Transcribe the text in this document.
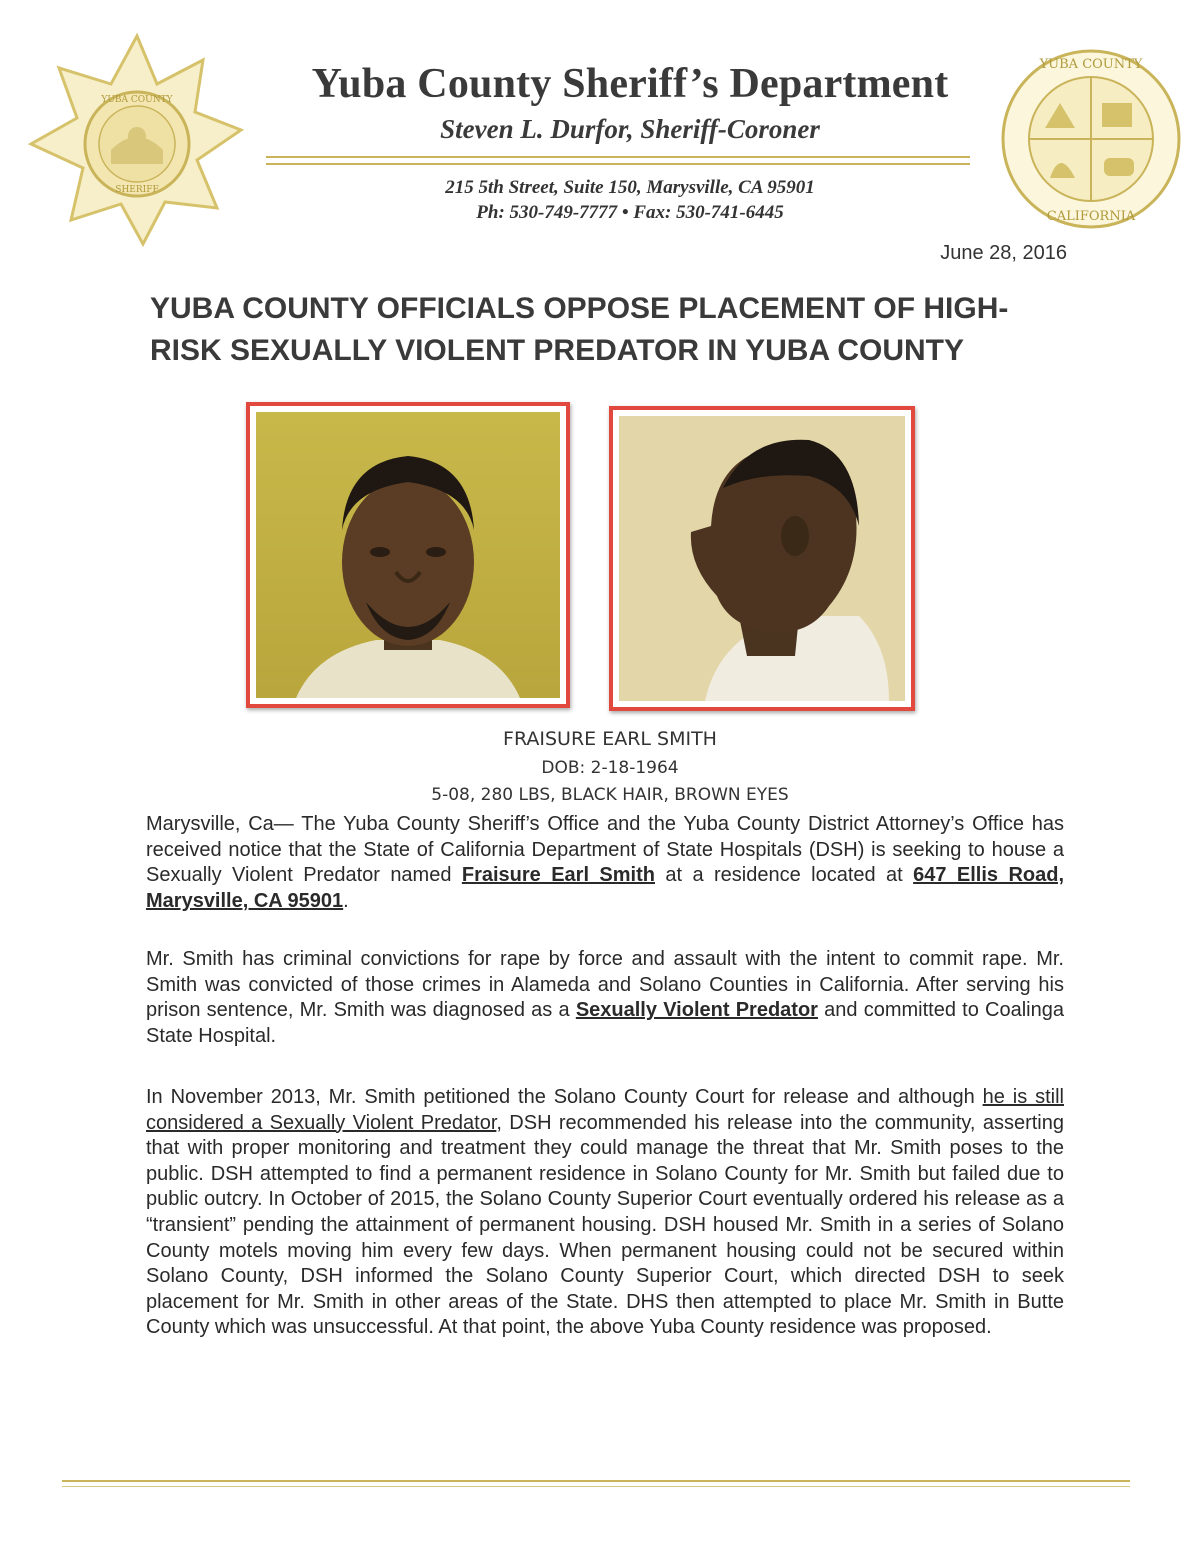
YUBA COUNTY
SHERIFF
YUBA COUNTY
CALIFORNIA
Yuba County Sheriff’s Department
Steven L. Durfor, Sheriff-Coroner
215 5th Street, Suite 150, Marysville, CA 95901
Ph: 530-749-7777 • Fax: 530-741-6445
June 28, 2016
YUBA COUNTY OFFICIALS OPPOSE PLACEMENT OF HIGH-RISK SEXUALLY VIOLENT PREDATOR IN YUBA COUNTY
FRAISURE EARL SMITH
DOB: 2-18-1964
5-08, 280 LBS, BLACK HAIR, BROWN EYES
Marysville, Ca— The Yuba County Sheriff’s Office and the Yuba County District Attorney’s Office has received notice that the State of California Department of State Hospitals (DSH) is seeking to house a Sexually Violent Predator named Fraisure Earl Smith at a residence located at 647 Ellis Road, Marysville, CA 95901.
Mr. Smith has criminal convictions for rape by force and assault with the intent to commit rape. Mr. Smith was convicted of those crimes in Alameda and Solano Counties in California. After serving his prison sentence, Mr. Smith was diagnosed as a Sexually Violent Predator and committed to Coalinga State Hospital.
In November 2013, Mr. Smith petitioned the Solano County Court for release and although he is still considered a Sexually Violent Predator, DSH recommended his release into the community, asserting that with proper monitoring and treatment they could manage the threat that Mr. Smith poses to the public. DSH attempted to find a permanent residence in Solano County for Mr. Smith but failed due to public outcry. In October of 2015, the Solano County Superior Court eventually ordered his release as a “transient” pending the attainment of permanent housing. DSH housed Mr. Smith in a series of Solano County motels moving him every few days. When permanent housing could not be secured within Solano County, DSH informed the Solano County Superior Court, which directed DSH to seek placement for Mr. Smith in other areas of the State. DHS then attempted to place Mr. Smith in Butte County which was unsuccessful. At that point, the above Yuba County residence was proposed.
